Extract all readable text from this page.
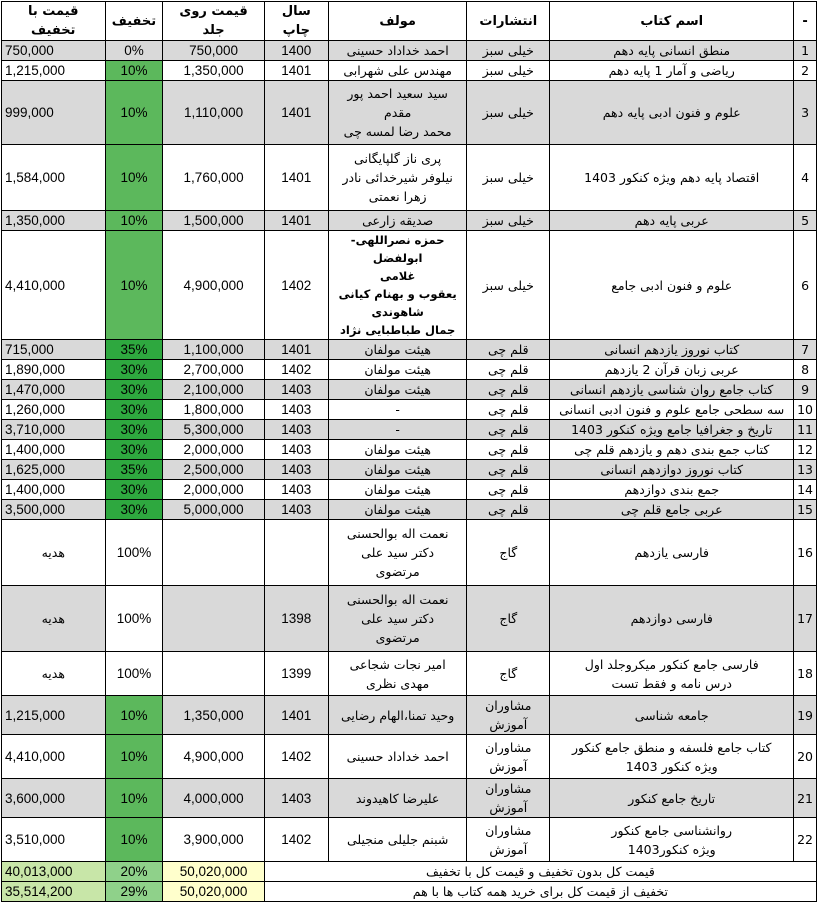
-	اسم کتاب	انتشارات	مولف	سال چاپ	قیمت روی جلد	تخفیف	قیمت با تخفیف
1	منطق انسانی پایه دهم	خیلی سبز	احمد خداداد حسینی	1400	750,000	0%	750,000
2	ریاضی و آمار 1 پایه دهم	خیلی سبز	مهندس علی شهرابی	1401	1,350,000	10%	1,215,000
3	علوم و فنون ادبی پایه دهم	خیلی سبز	سید سعید احمد پور
مقدم
محمد رضا لمسه چی	1401	1,110,000	10%	999,000
4	اقتصاد پایه دهم ویژه کنکور 1403	خیلی سبز	پری ناز گلپایگانی
نیلوفر شیرخدائی نادر
زهرا نعمتی	1401	1,760,000	10%	1,584,000
5	عربی پایه دهم	خیلی سبز	صدیقه زارعی	1401	1,500,000	10%	1,350,000
6	علوم و فنون ادبی جامع	خیلی سبز	حمزه نصراللهی-ابولفضل
غلامی
یعقوب و بهنام کیانی
شاهوندی
جمال طباطبایی نژاد	1402	4,900,000	10%	4,410,000
7	کتاب نوروز یازدهم انسانی	قلم چی	هیئت مولفان	1401	1,100,000	35%	715,000
8	عربی زبان قرآن 2 یازدهم	قلم چی	هیئت مولفان	1402	2,700,000	30%	1,890,000
9	کتاب جامع روان شناسی یازدهم انسانی	قلم چی	هیئت مولفان	1403	2,100,000	30%	1,470,000
10	سه سطحی جامع علوم و فنون ادبی انسانی	قلم چی	-	1403	1,800,000	30%	1,260,000
11	تاریخ و جغرافیا جامع ویژه کنکور 1403	قلم چی	-	1403	5,300,000	30%	3,710,000
12	کتاب جمع بندی دهم و یازدهم قلم چی	قلم چی	هیئت مولفان	1403	2,000,000	30%	1,400,000
13	کتاب نوروز دوازدهم انسانی	قلم چی	هیئت مولفان	1403	2,500,000	35%	1,625,000
14	جمع بندی دوازدهم	قلم چی	هیئت مولفان	1403	2,000,000	30%	1,400,000
15	عربی جامع قلم چی	قلم چی	هیئت مولفان	1403	5,000,000	30%	3,500,000
16	فارسی یازدهم	گاج	نعمت اله بوالحسنی
دکتر سید علی
مرتضوی			100%	هدیه
17	فارسی دوازدهم	گاج	نعمت اله بوالحسنی
دکتر سید علی
مرتضوی	1398		100%	هدیه
18	فارسی جامع کنکور میکروجلد اول
درس نامه و فقط تست	گاج	امیر نجات شجاعی
مهدی نظری	1399		100%	هدیه
19	جامعه شناسی	مشاوران آموزش	وحید تمنا،الهام رضایی	1401	1,350,000	10%	1,215,000
20	کتاب جامع فلسفه و منطق جامع کنکور
ویژه کنکور 1403	مشاوران آموزش	احمد خداداد حسینی	1402	4,900,000	10%	4,410,000
21	تاریخ جامع کنکور	مشاوران آموزش	علیرضا کاهیدوند	1403	4,000,000	10%	3,600,000
22	روانشناسی جامع کنکور
ویژه کنکور1403	مشاوران آموزش	شبنم جلیلی منجیلی	1402	3,900,000	10%	3,510,000
قیمت کل بدون تخفیف و قیمت کل با تخفیف					50,020,000	20%	40,013,000
تخفیف از قیمت کل برای خرید همه کتاب ها با هم					50,020,000	29%	35,514,200
